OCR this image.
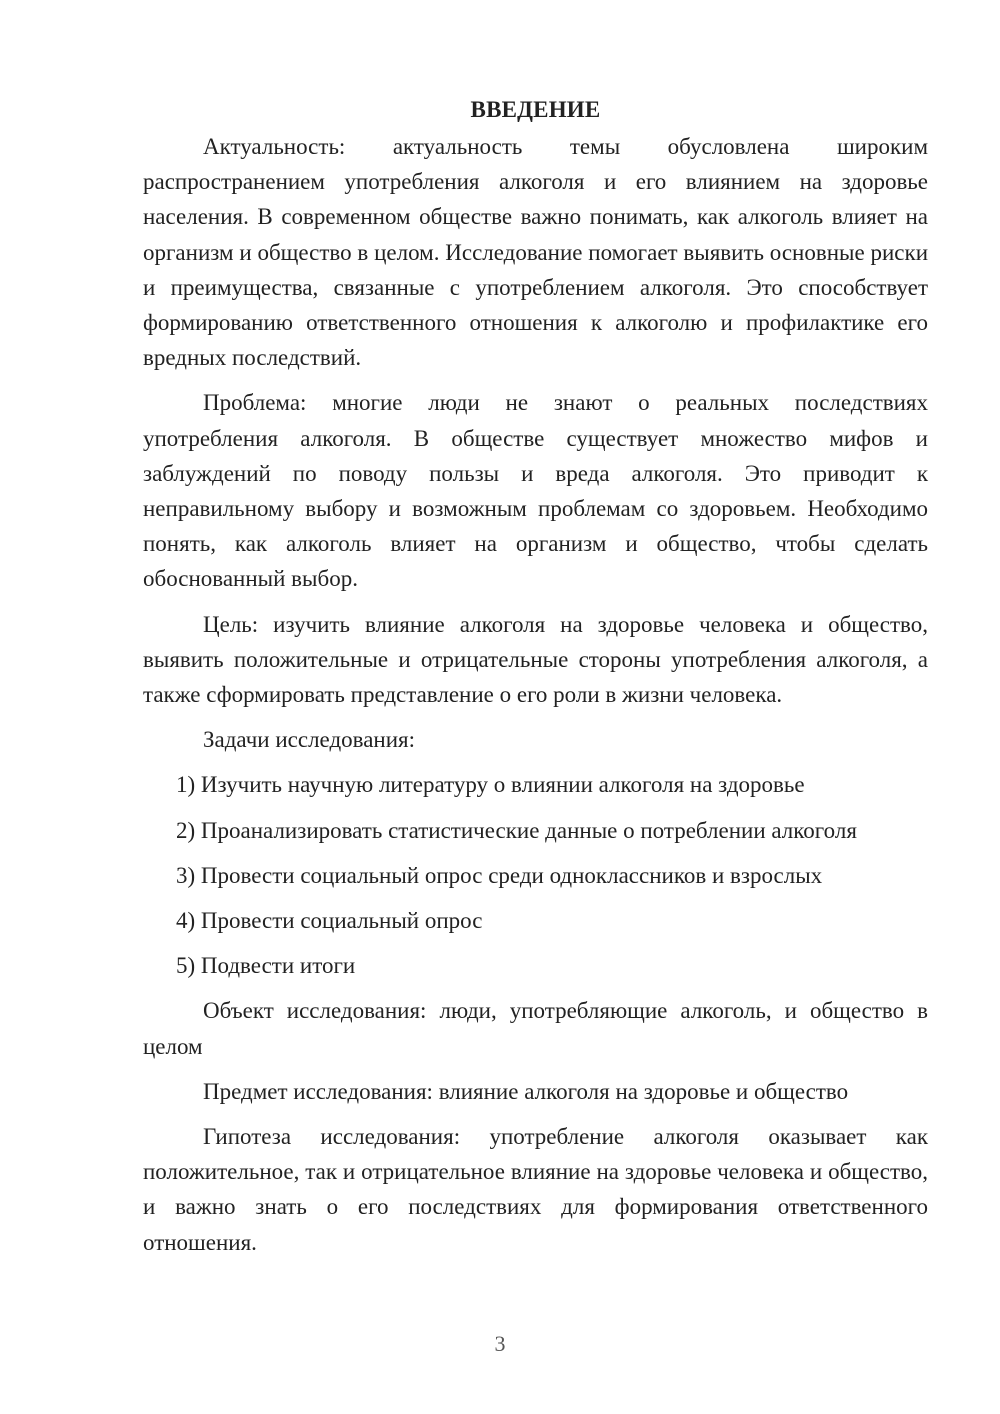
ВВЕДЕНИЕ

Актуальность: актуальность темы обусловлена широким распространением употребления алкоголя и его влиянием на здоровье населения. В современном обществе важно понимать, как алкоголь влияет на организм и общество в целом. Исследование помогает выявить основные риски и преимущества, связанные с употреблением алкоголя. Это способствует формированию ответственного отношения к алкоголю и профилактике его вредных последствий.

Проблема: многие люди не знают о реальных последствиях употребления алкоголя. В обществе существует множество мифов и заблуждений по поводу пользы и вреда алкоголя. Это приводит к неправильному выбору и возможным проблемам со здоровьем. Необходимо понять, как алкоголь влияет на организм и общество, чтобы сделать обоснованный выбор.

Цель: изучить влияние алкоголя на здоровье человека и общество, выявить положительные и отрицательные стороны употребления алкоголя, а также сформировать представление о его роли в жизни человека.

Задачи исследования:

1) Изучить научную литературу о влиянии алкоголя на здоровье
2) Проанализировать статистические данные о потреблении алкоголя
3) Провести социальный опрос среди одноклассников и взрослых
4) Провести социальный опрос
5) Подвести итоги

Объект исследования: люди, употребляющие алкоголь, и общество в целом

Предмет исследования: влияние алкоголя на здоровье и общество

Гипотеза исследования: употребление алкоголя оказывает как положительное, так и отрицательное влияние на здоровье человека и общество, и важно знать о его последствиях для формирования ответственного отношения.

3
